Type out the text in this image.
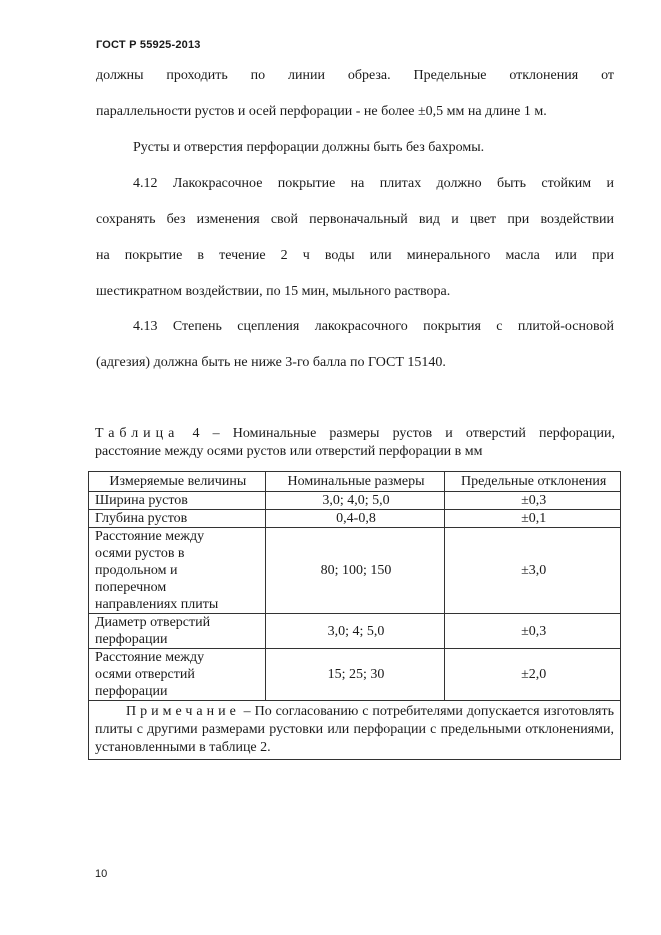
ГОСТ Р 55925-2013
должны проходить по линии обреза. Предельные отклонения от
параллельности рустов и осей перфорации - не более ±0,5 мм на длине 1 м.
Русты и отверстия перфорации должны быть без бахромы.
4.12 Лакокрасочное покрытие на плитах должно быть стойким и
сохранять без изменения свой первоначальный вид и цвет при воздействии
на покрытие в течение 2 ч воды или минерального масла или при
шестикратном воздействии, по 15 мин, мыльного раствора.
4.13 Степень сцепления лакокрасочного покрытия с плитой-основой
(адгезия) должна быть не ниже 3-го балла по ГОСТ 15140.
Таблица 4 – Номинальные размеры рустов и отверстий перфорации,
расстояние между осями рустов или отверстий перфорации в мм
Измеряемые величины	Номинальные размеры	Предельные отклонения
Ширина рустов	3,0; 4,0; 5,0	±0,3
Глубина рустов	0,4-0,8	±0,1

Расстояние между
осями рустов в
продольном и
поперечном
направлениях плиты	80; 100; 150	±3,0

Диаметр отверстий
перфорации	3,0; 4; 5,0	±0,3

Расстояние между
осями отверстий
перфорации	15; 25; 30	±2,0
Примечание – По согласованию с потребителями допускается изготовлять плиты с другими размерами рустовки или перфорации с предельными отклонениями, установленными в таблице 2.		
10
